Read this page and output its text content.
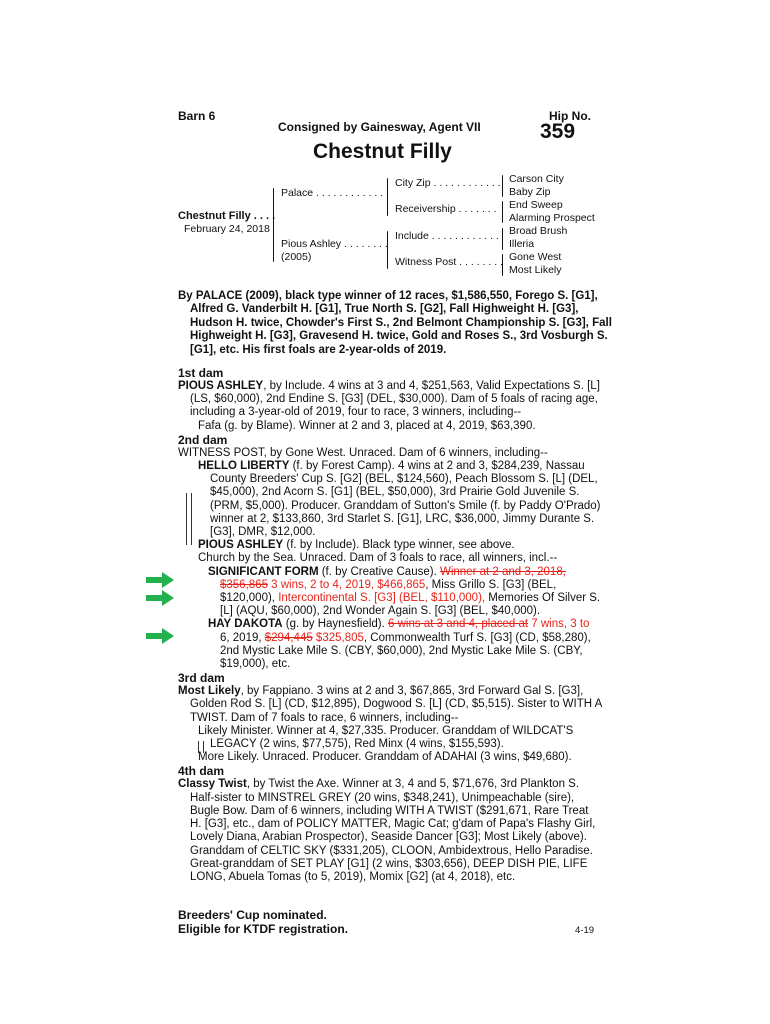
Barn 6	Hip No.
359
Consigned by Gainesway, Agent VII
Chestnut Filly
Chestnut Filly . . . .
February 24, 2018
Palace . . . . . . . . . . . .
Pious Ashley . . . . . . . .
(2005)
City Zip . . . . . . . . . . . .
Receivership . . . . . . .
Include . . . . . . . . . . . .
Witness Post . . . . . . . .
Carson City
Baby Zip
End Sweep
Alarming Prospect
Broad Brush
Illeria
Gone West
Most Likely

By PALACE (2009), black type winner of 12 races, $1,586,550, Forego S. [G1], Alfred G. Vanderbilt H. [G1], True North S. [G2], Fall Highweight H. [G3], Hudson H. twice, Chowder's First S., 2nd Belmont Championship S. [G3], Fall Highweight H. [G3], Gravesend H. twice, Gold and Roses S., 3rd Vosburgh S. [G1], etc. His first foals are 2-year-olds of 2019.

1st dam

PIOUS ASHLEY, by Include. 4 wins at 3 and 4, $251,563, Valid Expectations S. [L] (LS, $60,000), 2nd Endine S. [G3] (DEL, $30,000). Dam of 5 foals of racing age, including a 3-year-old of 2019, four to race, 3 winners, including--

Fafa (g. by Blame). Winner at 2 and 3, placed at 4, 2019, $63,390.

2nd dam

WITNESS POST, by Gone West. Unraced. Dam of 6 winners, including--

HELLO LIBERTY (f. by Forest Camp). 4 wins at 2 and 3, $284,239, Nassau County Breeders' Cup S. [G2] (BEL, $124,560), Peach Blossom S. [L] (DEL, $45,000), 2nd Acorn S. [G1] (BEL, $50,000), 3rd Prairie Gold Juvenile S. (PRM, $5,000). Producer. Granddam of Sutton's Smile (f. by Paddy O'Prado) winner at 2, $133,860, 3rd Starlet S. [G1], LRC, $36,000, Jimmy Durante S. [G3], DMR, $12,000.

PIOUS ASHLEY (f. by Include). Black type winner, see above.

Church by the Sea. Unraced. Dam of 3 foals to race, all winners, incl.--

SIGNIFICANT FORM (f. by Creative Cause). Winner at 2 and 3, 2018, $356,865 3 wins, 2 to 4, 2019, $466,865, Miss Grillo S. [G3] (BEL, $120,000), Intercontinental S. [G3] (BEL, $110,000), Memories Of Silver S. [L] (AQU, $60,000), 2nd Wonder Again S. [G3] (BEL, $40,000).

HAY DAKOTA (g. by Haynesfield). 6 wins at 3 and 4, placed at 7 wins, 3 to 6, 2019, $294,445 $325,805, Commonwealth Turf S. [G3] (CD, $58,280), 2nd Mystic Lake Mile S. (CBY, $60,000), 2nd Mystic Lake Mile S. (CBY, $19,000), etc.

3rd dam

Most Likely, by Fappiano. 3 wins at 2 and 3, $67,865, 3rd Forward Gal S. [G3], Golden Rod S. [L] (CD, $12,895), Dogwood S. [L] (CD, $5,515). Sister to WITH A TWIST. Dam of 7 foals to race, 6 winners, including--

Likely Minister. Winner at 4, $27,335. Producer. Granddam of WILDCAT'S LEGACY (2 wins, $77,575), Red Minx (4 wins, $155,593).

More Likely. Unraced. Producer. Granddam of ADAHAI (3 wins, $49,680).

4th dam

Classy Twist, by Twist the Axe. Winner at 3, 4 and 5, $71,676, 3rd Plankton S. Half-sister to MINSTREL GREY (20 wins, $348,241), Unimpeachable (sire), Bugle Bow. Dam of 6 winners, including WITH A TWIST ($291,671, Rare Treat H. [G3], etc., dam of POLICY MATTER, Magic Cat; g'dam of Papa's Flashy Girl, Lovely Diana, Arabian Prospector), Seaside Dancer [G3]; Most Likely (above). Granddam of CELTIC SKY ($331,205), CLOON, Ambidextrous, Hello Paradise. Great-granddam of SET PLAY [G1] (2 wins, $303,656), DEEP DISH PIE, LIFE LONG, Abuela Tomas (to 5, 2019), Momix [G2] (at 4, 2018), etc.

Breeders' Cup nominated.
Eligible for KTDF registration.	4-19
